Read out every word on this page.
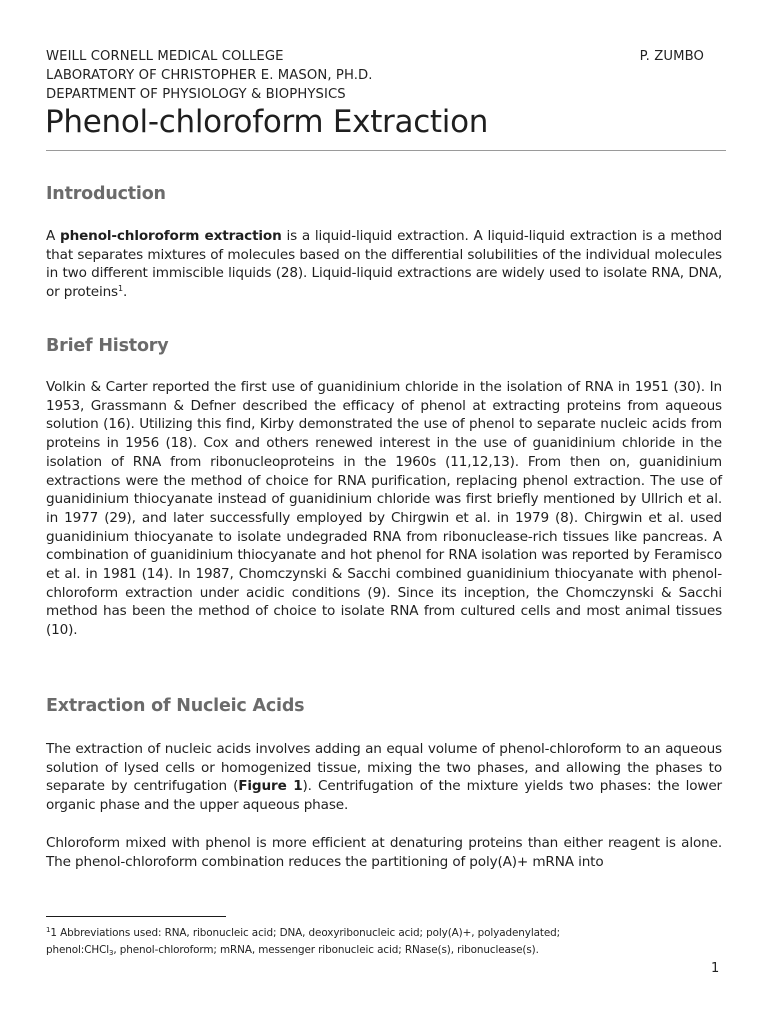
WEILL CORNELL MEDICAL COLLEGE	P. ZUMBO
LABORATORY OF CHRISTOPHER E. MASON, PH.D.
DEPARTMENT OF PHYSIOLOGY & BIOPHYSICS
Phenol-chloroform Extraction
Introduction

A phenol-chloroform extraction is a liquid-liquid extraction. A liquid-liquid extraction is a method that separates mixtures of molecules based on the differential solubilities of the individual molecules in two different immiscible liquids (28). Liquid-liquid extractions are widely used to isolate RNA, DNA, or proteins$^1$.

Brief History

Volkin & Carter reported the first use of guanidinium chloride in the isolation of RNA in 1951 (30). In 1953, Grassmann & Defner described the efficacy of phenol at extracting proteins from aqueous solution (16). Utilizing this find, Kirby demonstrated the use of phenol to separate nucleic acids from proteins in 1956 (18). Cox and others renewed interest in the use of guanidinium chloride in the isolation of RNA from ribonucleoproteins in the 1960s (11,12,13). From then on, guanidinium extractions were the method of choice for RNA purification, replacing phenol extraction. The use of guanidinium thiocyanate instead of guanidinium chloride was first briefly mentioned by Ullrich et al. in 1977 (29), and later successfully employed by Chirgwin et al. in 1979 (8). Chirgwin et al. used guanidinium thiocyanate to isolate undegraded RNA from ribonuclease-rich tissues like pancreas. A combination of guanidinium thiocyanate and hot phenol for RNA isolation was reported by Feramisco et al. in 1981 (14). In 1987, Chomczynski & Sacchi combined guanidinium thiocyanate with phenol-chloroform extraction under acidic conditions (9). Since its inception, the Chomczynski & Sacchi method has been the method of choice to isolate RNA from cultured cells and most animal tissues (10).

Extraction of Nucleic Acids

The extraction of nucleic acids involves adding an equal volume of phenol-chloroform to an aqueous solution of lysed cells or homogenized tissue, mixing the two phases, and allowing the phases to separate by centrifugation (Figure 1). Centrifugation of the mixture yields two phases: the lower organic phase and the upper aqueous phase.

Chloroform mixed with phenol is more efficient at denaturing proteins than either reagent is alone. The phenol-chloroform combination reduces the partitioning of poly(A)+ mRNA into

$^1$1 Abbreviations used: RNA, ribonucleic acid; DNA, deoxyribonucleic acid; poly(A)+, polyadenylated;
phenol:CHCl$_3$, phenol-chloroform; mRNA, messenger ribonucleic acid; RNase(s), ribonuclease(s).

1
